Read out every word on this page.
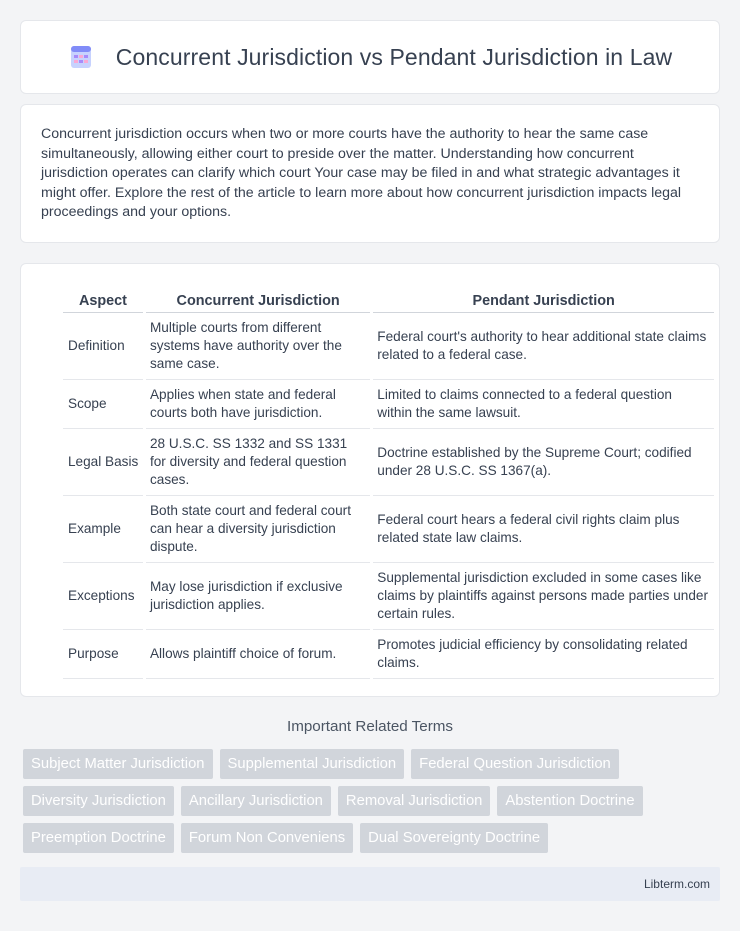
Concurrent Jurisdiction vs Pendant Jurisdiction in Law

Concurrent jurisdiction occurs when two or more courts have the authority to hear the same case simultaneously, allowing either court to preside over the matter. Understanding how concurrent jurisdiction operates can clarify which court Your case may be filed in and what strategic advantages it might offer. Explore the rest of the article to learn more about how concurrent jurisdiction impacts legal proceedings and your options.

Aspect	Concurrent Jurisdiction	Pendant Jurisdiction
Definition	Multiple courts from different systems have authority over the same case.	Federal court's authority to hear additional state claims related to a federal case.
Scope	Applies when state and federal courts both have jurisdiction.	Limited to claims connected to a federal question within the same lawsuit.
Legal Basis	28 U.S.C. SS 1332 and SS 1331 for diversity and federal question cases.	Doctrine established by the Supreme Court; codified under 28 U.S.C. SS 1367(a).
Example	Both state court and federal court can hear a diversity jurisdiction dispute.	Federal court hears a federal civil rights claim plus related state law claims.
Exceptions	May lose jurisdiction if exclusive jurisdiction applies.	Supplemental jurisdiction excluded in some cases like claims by plaintiffs against persons made parties under certain rules.
Purpose	Allows plaintiff choice of forum.	Promotes judicial efficiency by consolidating related claims.
Important Related Terms
Subject Matter Jurisdiction	Supplemental Jurisdiction	Federal Question Jurisdiction
Diversity Jurisdiction	Ancillary Jurisdiction	Removal Jurisdiction	Abstention Doctrine
Preemption Doctrine	Forum Non Conveniens	Dual Sovereignty Doctrine
Libterm.com
